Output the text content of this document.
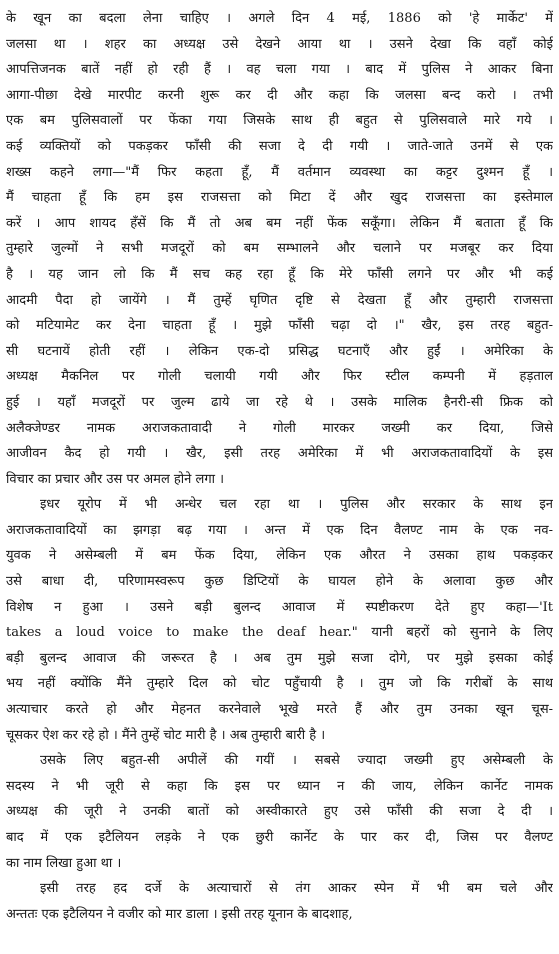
के खून का बदला लेना चाहिए । अगले दिन 4 मई, 1886 को 'हे मार्केट' में
जलसा था । शहर का अध्यक्ष उसे देखने आया था । उसने देखा कि वहाँ कोई
आपत्तिजनक बातें नहीं हो रही हैं । वह चला गया । बाद में पुलिस ने आकर बिना
आगा-पीछा देखे मारपीट करनी शुरू कर दी और कहा कि जलसा बन्द करो । तभी
एक बम पुलिसवालों पर फेंका गया जिसके साथ ही बहुत से पुलिसवाले मारे गये ।
कई व्यक्तियों को पकड़कर फाँसी की सजा दे दी गयी । जाते-जाते उनमें से एक
शख्स कहने लगा—"मैं फिर कहता हूँ, मैं वर्तमान व्यवस्था का कट्टर दुश्मन हूँ ।
मैं चाहता हूँ कि हम इस राजसत्ता को मिटा दें और खुद राजसत्ता का इस्तेमाल
करें । आप शायद हँसें कि मैं तो अब बम नहीं फेंक सकूँगा। लेकिन मैं बताता हूँ कि
तुम्हारे जुल्मों ने सभी मजदूरों को बम सम्भालने और चलाने पर मजबूर कर दिया
है । यह जान लो कि मैं सच कह रहा हूँ कि मेरे फाँसी लगने पर और भी कई
आदमी पैदा हो जायेंगे । मैं तुम्हें घृणित दृष्टि से देखता हूँ और तुम्हारी राजसत्ता
को मटियामेट कर देना चाहता हूँ । मुझे फाँसी चढ़ा दो ।" खैर, इस तरह बहुत-
सी घटनायें होती रहीं । लेकिन एक-दो प्रसिद्ध घटनाएँ और हुईं । अमेरिका के
अध्यक्ष मैकनिल पर गोली चलायी गयी और फिर स्टील कम्पनी में हड़ताल
हुई । यहाँ मजदूरों पर जुल्म ढाये जा रहे थे । उसके मालिक हैनरी-सी फ्रिक को
अलैक्जेण्डर नामक अराजकतावादी ने गोली मारकर जख्मी कर दिया, जिसे
आजीवन कैद हो गयी । खैर, इसी तरह अमेरिका में भी अराजकतावादियों के इस
विचार का प्रचार और उस पर अमल होने लगा ।
इधर यूरोप में भी अन्धेर चल रहा था । पुलिस और सरकार के साथ इन
अराजकतावादियों का झगड़ा बढ़ गया । अन्त में एक दिन वैलण्ट नाम के एक नव-
युवक ने असेम्बली में बम फेंक दिया, लेकिन एक औरत ने उसका हाथ पकड़कर
उसे बाधा दी, परिणामस्वरूप कुछ डिप्टियों के घायल होने के अलावा कुछ और
विशेष न हुआ । उसने बड़ी बुलन्द आवाज में स्पष्टीकरण देते हुए कहा—'It
takes a loud voice to make the deaf hear." यानी बहरों को सुनाने के लिए
बड़ी बुलन्द आवाज की जरूरत है । अब तुम मुझे सजा दोगे, पर मुझे इसका कोई
भय नहीं क्योंकि मैंने तुम्हारे दिल को चोट पहुँचायी है । तुम जो कि गरीबों के साथ
अत्याचार करते हो और मेहनत करनेवाले भूखे मरते हैं और तुम उनका खून चूस-
चूसकर ऐश कर रहे हो । मैंने तुम्हें चोट मारी है । अब तुम्हारी बारी है ।
उसके लिए बहुत-सी अपीलें की गयीं । सबसे ज्यादा जख्मी हुए असेम्बली के
सदस्य ने भी जूरी से कहा कि इस पर ध्यान न की जाय, लेकिन कार्नेट नामक
अध्यक्ष की जूरी ने उनकी बातों को अस्वीकारते हुए उसे फाँसी की सजा दे दी ।
बाद में एक इटैलियन लड़के ने एक छुरी कार्नेट के पार कर दी, जिस पर वैलण्ट
का नाम लिखा हुआ था ।
इसी तरह हद दर्जे के अत्याचारों से तंग आकर स्पेन में भी बम चले और
अन्ततः एक इटैलियन ने वजीर को मार डाला । इसी तरह यूनान के बादशाह,
